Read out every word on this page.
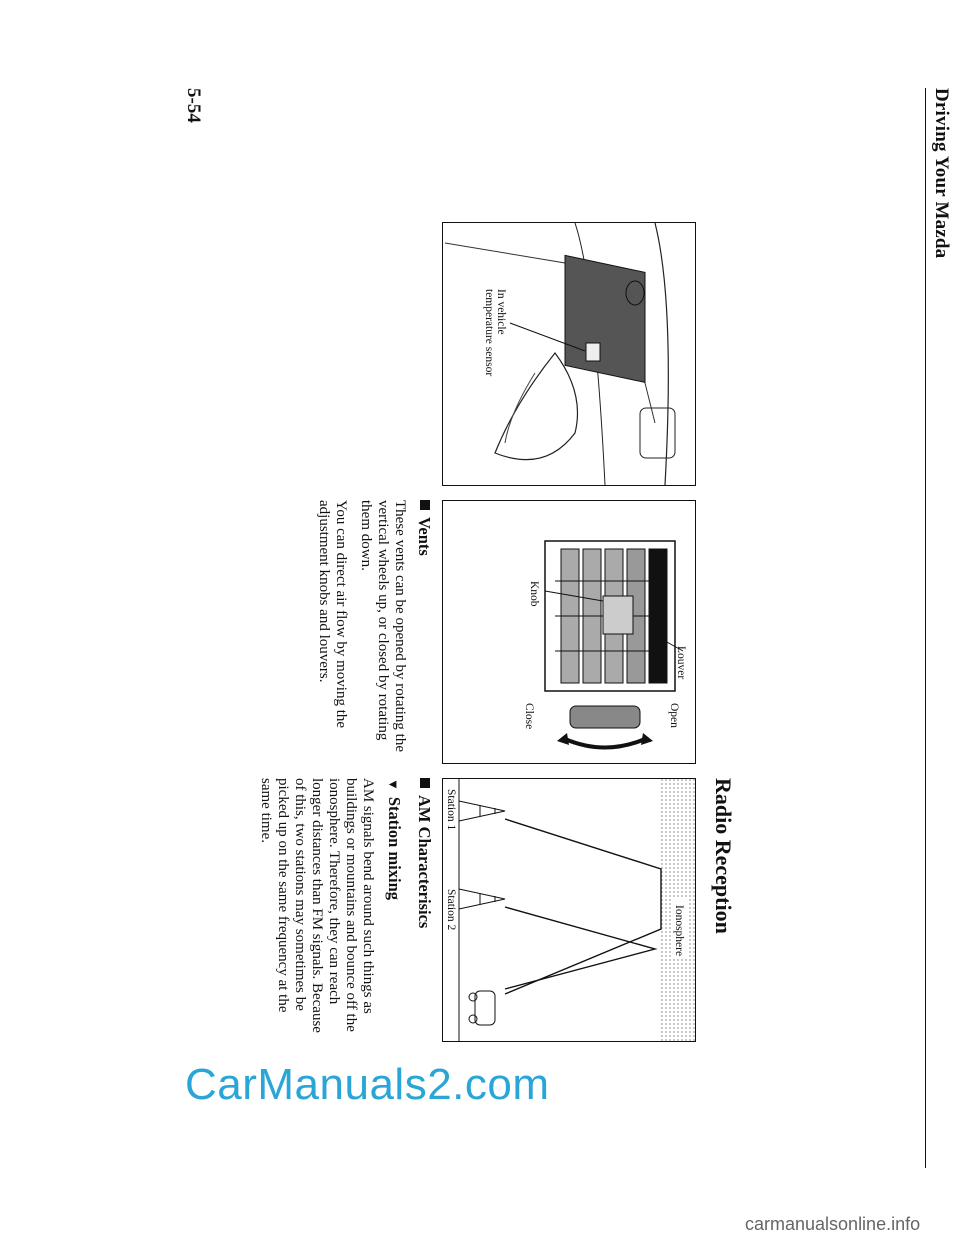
Driving Your Mazda
Radio Reception
In vehicle
temperature sensor
Louver
Knob
Open
Close
Ionosphere
Station 1
Station 2
Vents

These vents can be opened by rotating the vertical wheels up, or closed by rotating them down.

You can direct air flow by moving the adjustment knobs and louvers.

AM Characterisics
▼Station mixing

AM signals bend around such things as buildings or mountains and bounce off the ionosphere. Therefore, they can reach longer distances than FM signals. Because of this, two stations may sometimes be picked up on the same frequency at the same time.

5-54
CarManuals2.com
carmanualsonline.info
